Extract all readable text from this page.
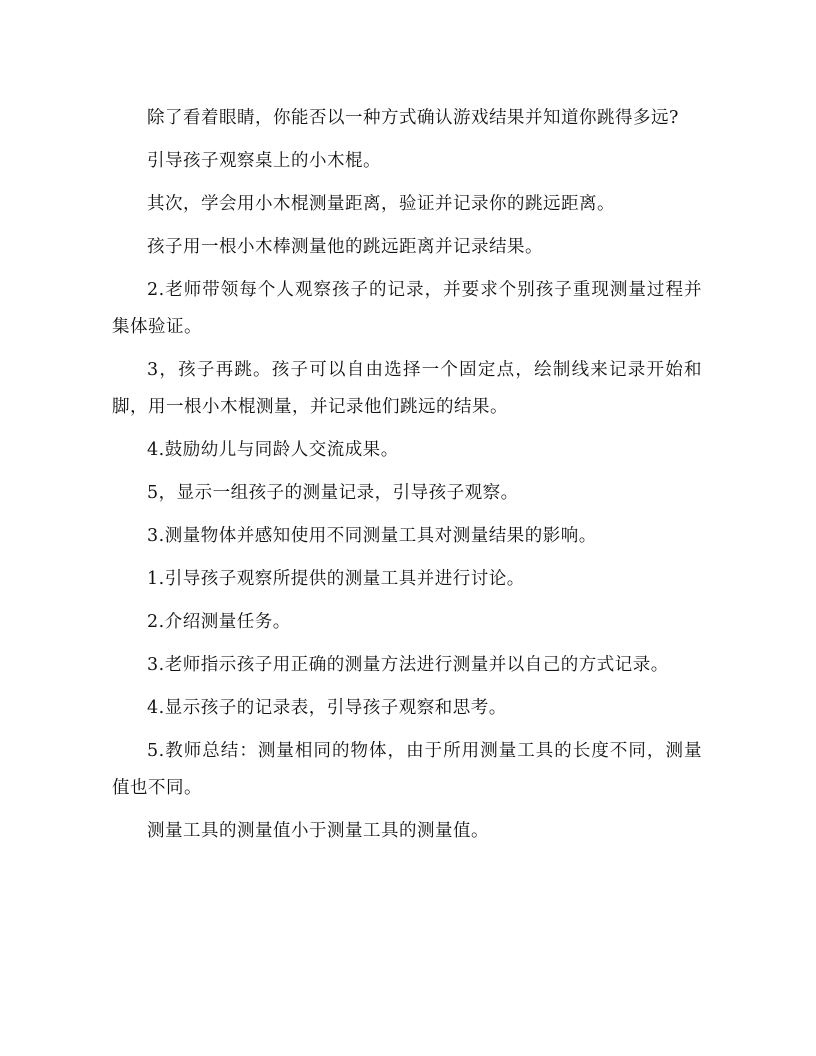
除了看着眼睛，你能否以一种方式确认游戏结果并知道你跳得多远?

引导孩子观察桌上的小木棍。

其次，学会用小木棍测量距离，验证并记录你的跳远距离。

孩子用一根小木棒测量他的跳远距离并记录结果。

2.老师带领每个人观察孩子的记录，并要求个别孩子重现测量过程并集体验证。

3，孩子再跳。孩子可以自由选择一个固定点，绘制线来记录开始和脚，用一根小木棍测量，并记录他们跳远的结果。

4.鼓励幼儿与同龄人交流成果。

5，显示一组孩子的测量记录，引导孩子观察。

3.测量物体并感知使用不同测量工具对测量结果的影响。

1.引导孩子观察所提供的测量工具并进行讨论。

2.介绍测量任务。

3.老师指示孩子用正确的测量方法进行测量并以自己的方式记录。

4.显示孩子的记录表，引导孩子观察和思考。

5.教师总结：测量相同的物体，由于所用测量工具的长度不同，测量值也不同。

测量工具的测量值小于测量工具的测量值。
